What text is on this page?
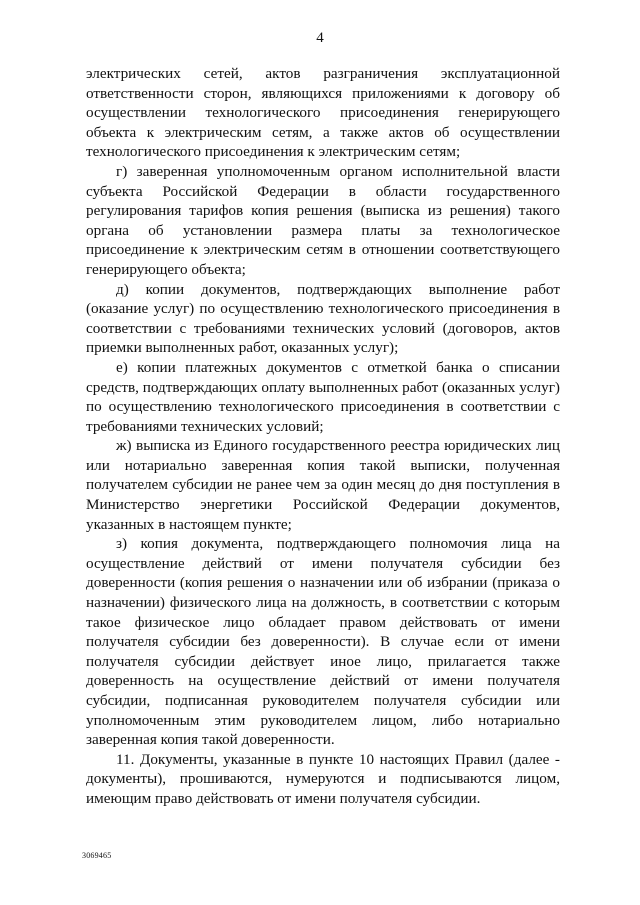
4

электрических сетей, актов разграничения эксплуатационной ответственности сторон, являющихся приложениями к договору об осуществлении технологического присоединения генерирующего объекта к электрическим сетям, а также актов об осуществлении технологического присоединения к электрическим сетям;

г) заверенная уполномоченным органом исполнительной власти субъекта Российской Федерации в области государственного регулирования тарифов копия решения (выписка из решения) такого органа об установлении размера платы за технологическое присоединение к электрическим сетям в отношении соответствующего генерирующего объекта;

д) копии документов, подтверждающих выполнение работ (оказание услуг) по осуществлению технологического присоединения в соответствии с требованиями технических условий (договоров, актов приемки выполненных работ, оказанных услуг);

е) копии платежных документов с отметкой банка о списании средств, подтверждающих оплату выполненных работ (оказанных услуг) по осуществлению технологического присоединения в соответствии с требованиями технических условий;

ж) выписка из Единого государственного реестра юридических лиц или нотариально заверенная копия такой выписки, полученная получателем субсидии не ранее чем за один месяц до дня поступления в Министерство энергетики Российской Федерации документов, указанных в настоящем пункте;

з) копия документа, подтверждающего полномочия лица на осуществление действий от имени получателя субсидии без доверенности (копия решения о назначении или об избрании (приказа о назначении) физического лица на должность, в соответствии с которым такое физическое лицо обладает правом действовать от имени получателя субсидии без доверенности). В случае если от имени получателя субсидии действует иное лицо, прилагается также доверенность на осуществление действий от имени получателя субсидии, подписанная руководителем получателя субсидии или уполномоченным этим руководителем лицом, либо нотариально заверенная копия такой доверенности.

11. Документы, указанные в пункте 10 настоящих Правил (далее - документы), прошиваются, нумеруются и подписываются лицом, имеющим право действовать от имени получателя субсидии.

3069465
